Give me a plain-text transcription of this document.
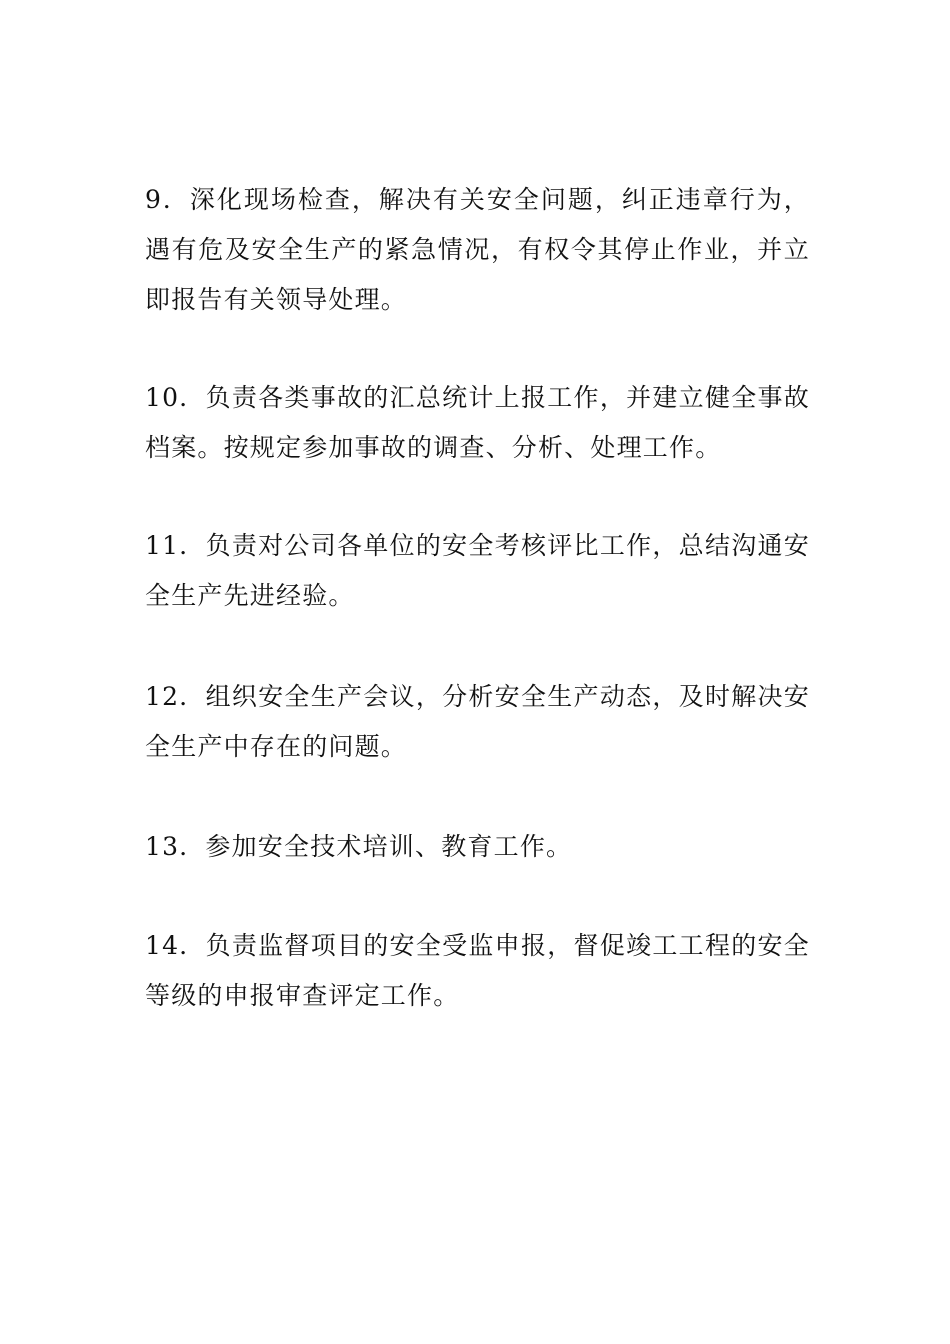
9．深化现场检查，解决有关安全问题，纠正违章行为，遇有危及安全生产的紧急情况，有权令其停止作业，并立即报告有关领导处理。

10．负责各类事故的汇总统计上报工作，并建立健全事故档案。按规定参加事故的调查、分析、处理工作。

11．负责对公司各单位的安全考核评比工作，总结沟通安全生产先进经验。

12．组织安全生产会议，分析安全生产动态，及时解决安全生产中存在的问题。

13．参加安全技术培训、教育工作。

14．负责监督项目的安全受监申报，督促竣工工程的安全等级的申报审查评定工作。
